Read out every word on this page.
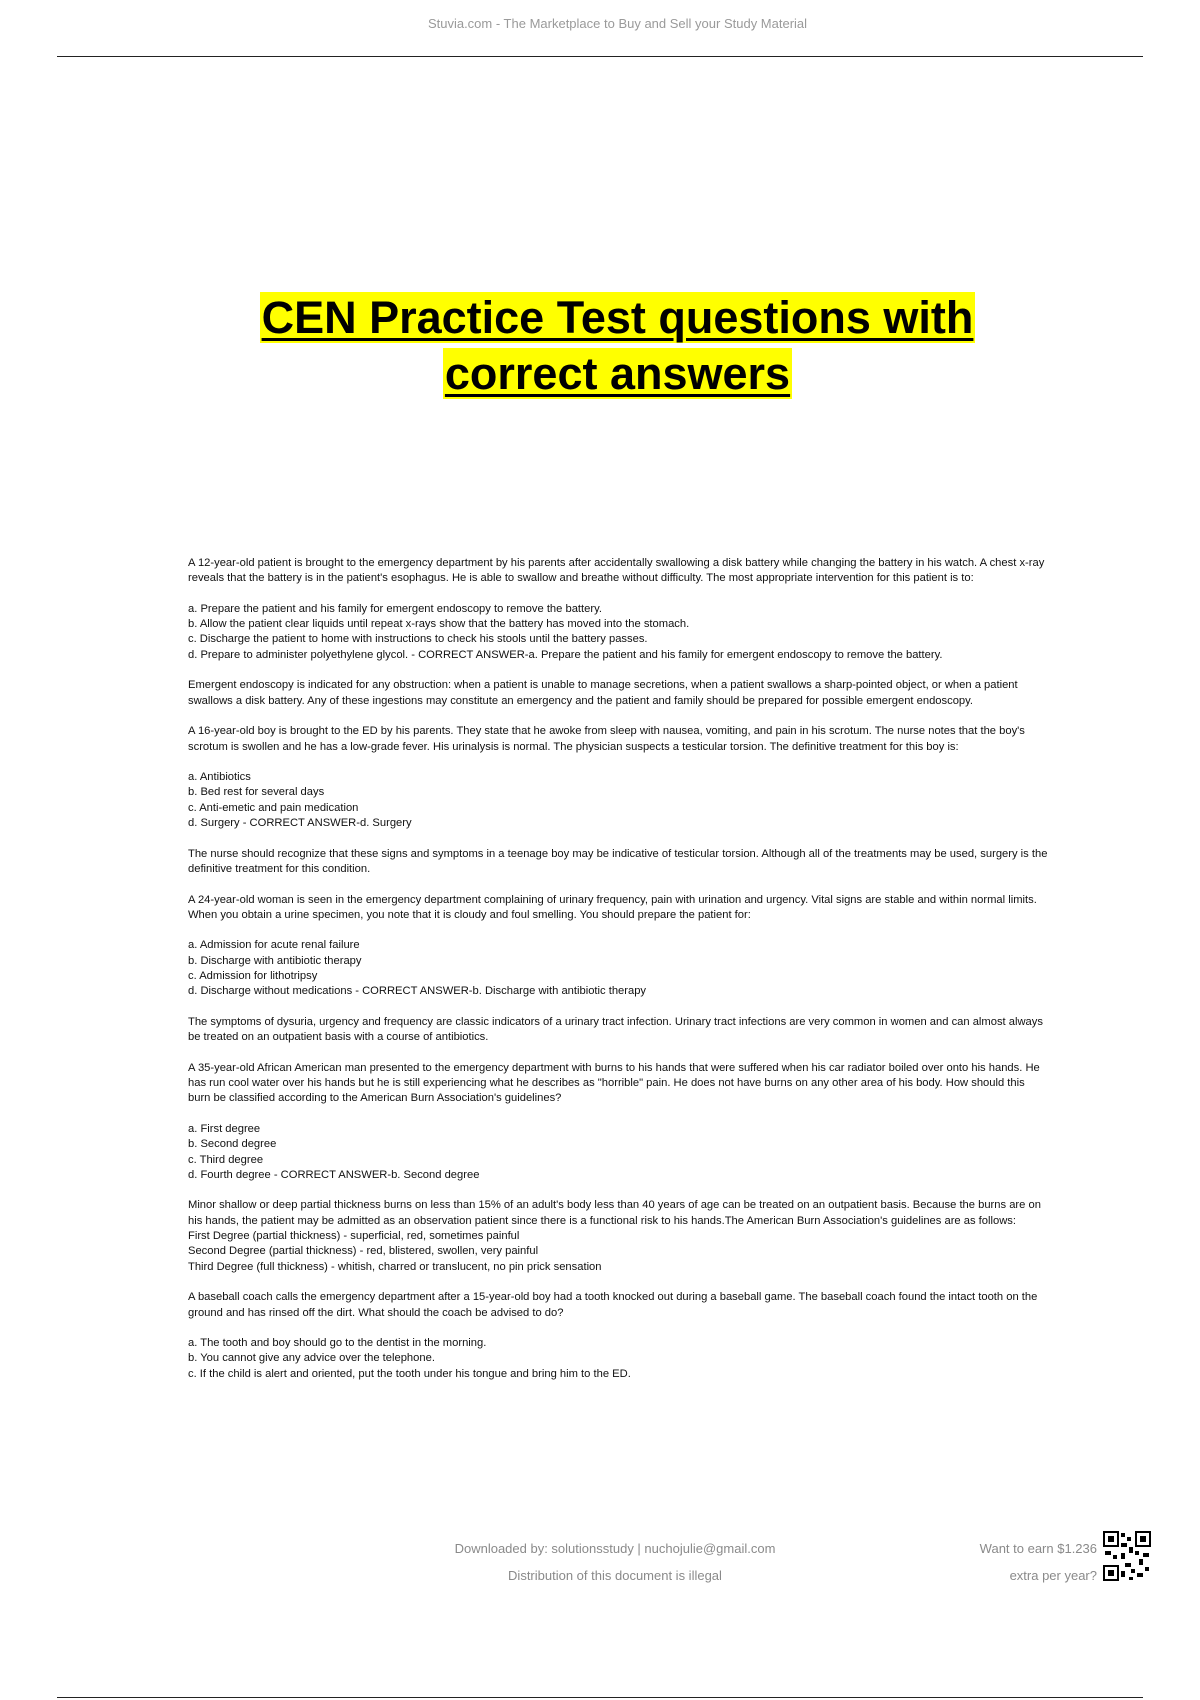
Stuvia.com - The Marketplace to Buy and Sell your Study Material
CEN Practice Test questions with
correct answers

A 12-year-old patient is brought to the emergency department by his parents after accidentally swallowing a disk battery while changing the battery in his watch. A chest x-ray reveals that the battery is in the patient's esophagus. He is able to swallow and breathe without difficulty. The most appropriate intervention for this patient is to:

a. Prepare the patient and his family for emergent endoscopy to remove the battery.
b. Allow the patient clear liquids until repeat x-rays show that the battery has moved into the stomach.
c. Discharge the patient to home with instructions to check his stools until the battery passes.
d. Prepare to administer polyethylene glycol. - CORRECT ANSWER-a. Prepare the patient and his family for emergent endoscopy to remove the battery.

Emergent endoscopy is indicated for any obstruction: when a patient is unable to manage secretions, when a patient swallows a sharp-pointed object, or when a patient swallows a disk battery. Any of these ingestions may constitute an emergency and the patient and family should be prepared for possible emergent endoscopy.

A 16-year-old boy is brought to the ED by his parents. They state that he awoke from sleep with nausea, vomiting, and pain in his scrotum. The nurse notes that the boy's scrotum is swollen and he has a low-grade fever. His urinalysis is normal. The physician suspects a testicular torsion. The definitive treatment for this boy is:

a. Antibiotics
b. Bed rest for several days
c. Anti-emetic and pain medication
d. Surgery - CORRECT ANSWER-d. Surgery

The nurse should recognize that these signs and symptoms in a teenage boy may be indicative of testicular torsion. Although all of the treatments may be used, surgery is the definitive treatment for this condition.

A 24-year-old woman is seen in the emergency department complaining of urinary frequency, pain with urination and urgency. Vital signs are stable and within normal limits. When you obtain a urine specimen, you note that it is cloudy and foul smelling. You should prepare the patient for:

a. Admission for acute renal failure
b. Discharge with antibiotic therapy
c. Admission for lithotripsy
d. Discharge without medications - CORRECT ANSWER-b. Discharge with antibiotic therapy

The symptoms of dysuria, urgency and frequency are classic indicators of a urinary tract infection. Urinary tract infections are very common in women and can almost always be treated on an outpatient basis with a course of antibiotics.

A 35-year-old African American man presented to the emergency department with burns to his hands that were suffered when his car radiator boiled over onto his hands. He has run cool water over his hands but he is still experiencing what he describes as "horrible" pain. He does not have burns on any other area of his body. How should this burn be classified according to the American Burn Association's guidelines?

a. First degree
b. Second degree
c. Third degree
d. Fourth degree - CORRECT ANSWER-b. Second degree

Minor shallow or deep partial thickness burns on less than 15% of an adult's body less than 40 years of age can be treated on an outpatient basis. Because the burns are on his hands, the patient may be admitted as an observation patient since there is a functional risk to his hands.The American Burn Association's guidelines are as follows:
First Degree (partial thickness) - superficial, red, sometimes painful
Second Degree (partial thickness) - red, blistered, swollen, very painful
Third Degree (full thickness) - whitish, charred or translucent, no pin prick sensation

A baseball coach calls the emergency department after a 15-year-old boy had a tooth knocked out during a baseball game. The baseball coach found the intact tooth on the ground and has rinsed off the dirt. What should the coach be advised to do?

a. The tooth and boy should go to the dentist in the morning.
b. You cannot give any advice over the telephone.
c. If the child is alert and oriented, put the tooth under his tongue and bring him to the ED.

Downloaded by: solutionsstudy | nuchojulie@gmail.com
Distribution of this document is illegal
Want to earn $1.236
extra per year?
